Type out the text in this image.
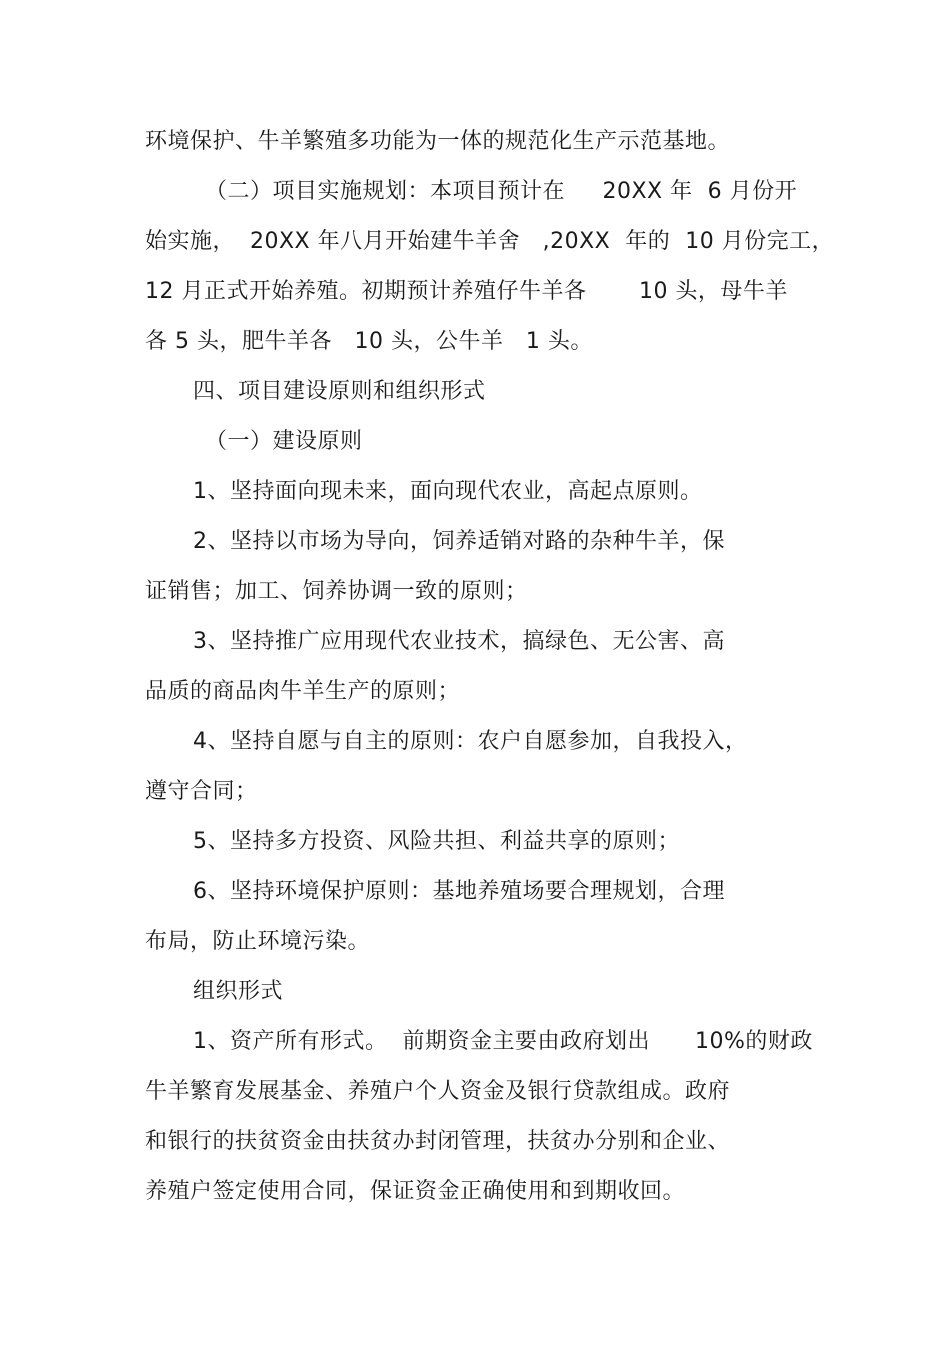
环境保护、牛羊繁殖多功能为一体的规范化生产示范基地。
（二）项目实施规划：本项目预计在     20XX 年  6 月份开
始实施，  20XX 年八月开始建牛羊舍   ,20XX  年的  10 月份完工，
12 月正式开始养殖。初期预计养殖仔牛羊各       10 头，母牛羊
各 5 头，肥牛羊各   10 头，公牛羊   1 头。
四、项目建设原则和组织形式
（一）建设原则
1、坚持面向现未来，面向现代农业，高起点原则。
2、坚持以市场为导向，饲养适销对路的杂种牛羊，保
证销售；加工、饲养协调一致的原则；
3、坚持推广应用现代农业技术，搞绿色、无公害、高
品质的商品肉牛羊生产的原则；
4、坚持自愿与自主的原则：农户自愿参加，自我投入，
遵守合同；
5、坚持多方投资、风险共担、利益共享的原则；
6、坚持环境保护原则：基地养殖场要合理规划，合理
布局，防止环境污染。
组织形式
1、资产所有形式。  前期资金主要由政府划出      10%的财政
牛羊繁育发展基金、养殖户个人资金及银行贷款组成。政府
和银行的扶贫资金由扶贫办封闭管理，扶贫办分别和企业、
养殖户签定使用合同，保证资金正确使用和到期收回。
